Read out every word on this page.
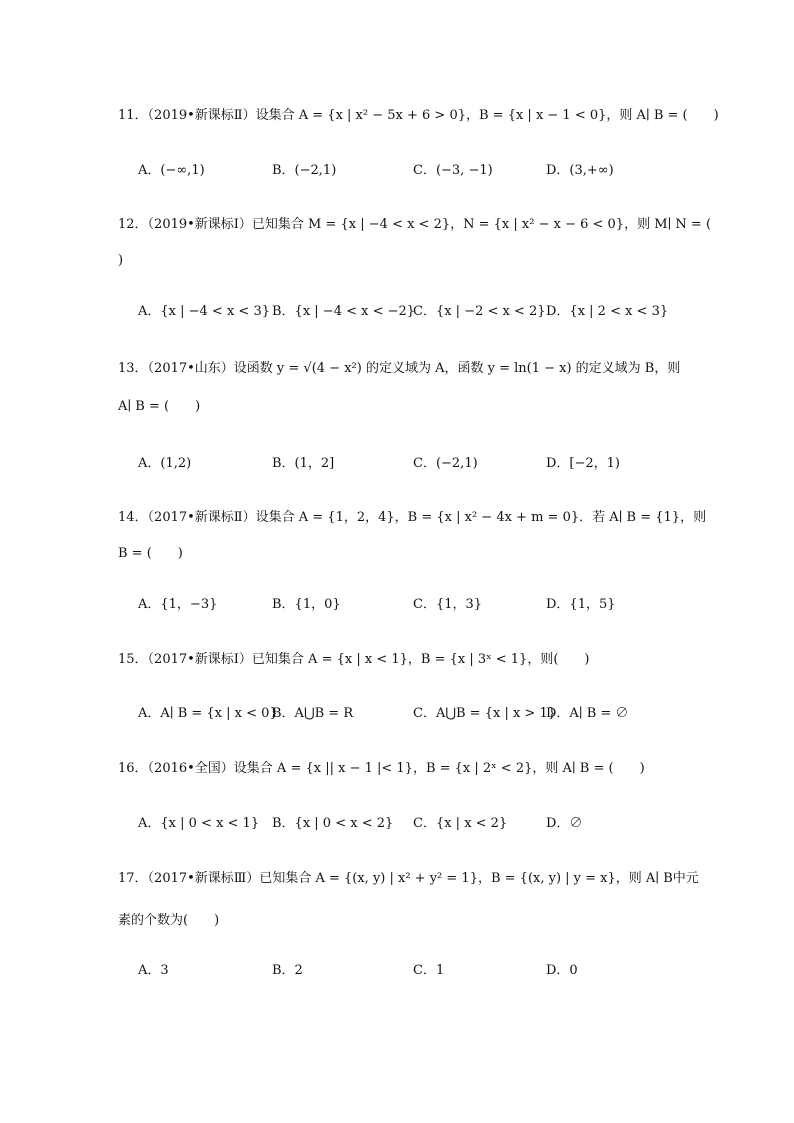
11．（2019•新课标Ⅱ）设集合 A = {x | x² − 5x + 6 > 0}，B = {x | x − 1 < 0}，则 A∣ B = (　　)
A．(−∞,1)	B．(−2,1)	C．(−3, −1)	D．(3,+∞)
12．（2019•新课标Ⅰ）已知集合 M = {x | −4 < x < 2}，N = {x | x² − x − 6 < 0}，则 M∣ N = (
)
A．{x | −4 < x < 3} B．{x | −4 < x < −2}
C．{x | −2 < x < 2} D．{x | 2 < x < 3}
13．（2017•山东）设函数 y = √(4 − x²) 的定义域为 A，函数 y = ln(1 − x) 的定义域为 B，则
A∣ B = (　　)
A．(1,2)	B．(1，2]	C．(−2,1)	D．[−2，1)
14．（2017•新课标Ⅱ）设集合 A = {1，2，4}，B = {x | x² − 4x + m = 0}．若 A∣ B = {1}，则
B = (　　)
A．{1，−3}	B．{1，0}	C．{1，3}	D．{1，5}
15．（2017•新课标Ⅰ）已知集合 A = {x | x < 1}，B = {x | 3ˣ < 1}，则(　　)
A．A∣ B = {x | x < 0}
B．A⋃B = R	C．A⋃B = {x | x > 1}
D．A∣ B = ∅
16．（2016•全国）设集合 A = {x || x − 1 |< 1}，B = {x | 2ˣ < 2}，则 A∣ B = (　　)
A．{x | 0 < x < 1} B．{x | 0 < x < 2} C．{x | x < 2}	D．∅
17．（2017•新课标Ⅲ）已知集合 A = {(x, y) | x² + y² = 1}，B = {(x, y) | y = x}，则 A∣ B中元
素的个数为(　　)
A．3	B．2	C．1	D．0
